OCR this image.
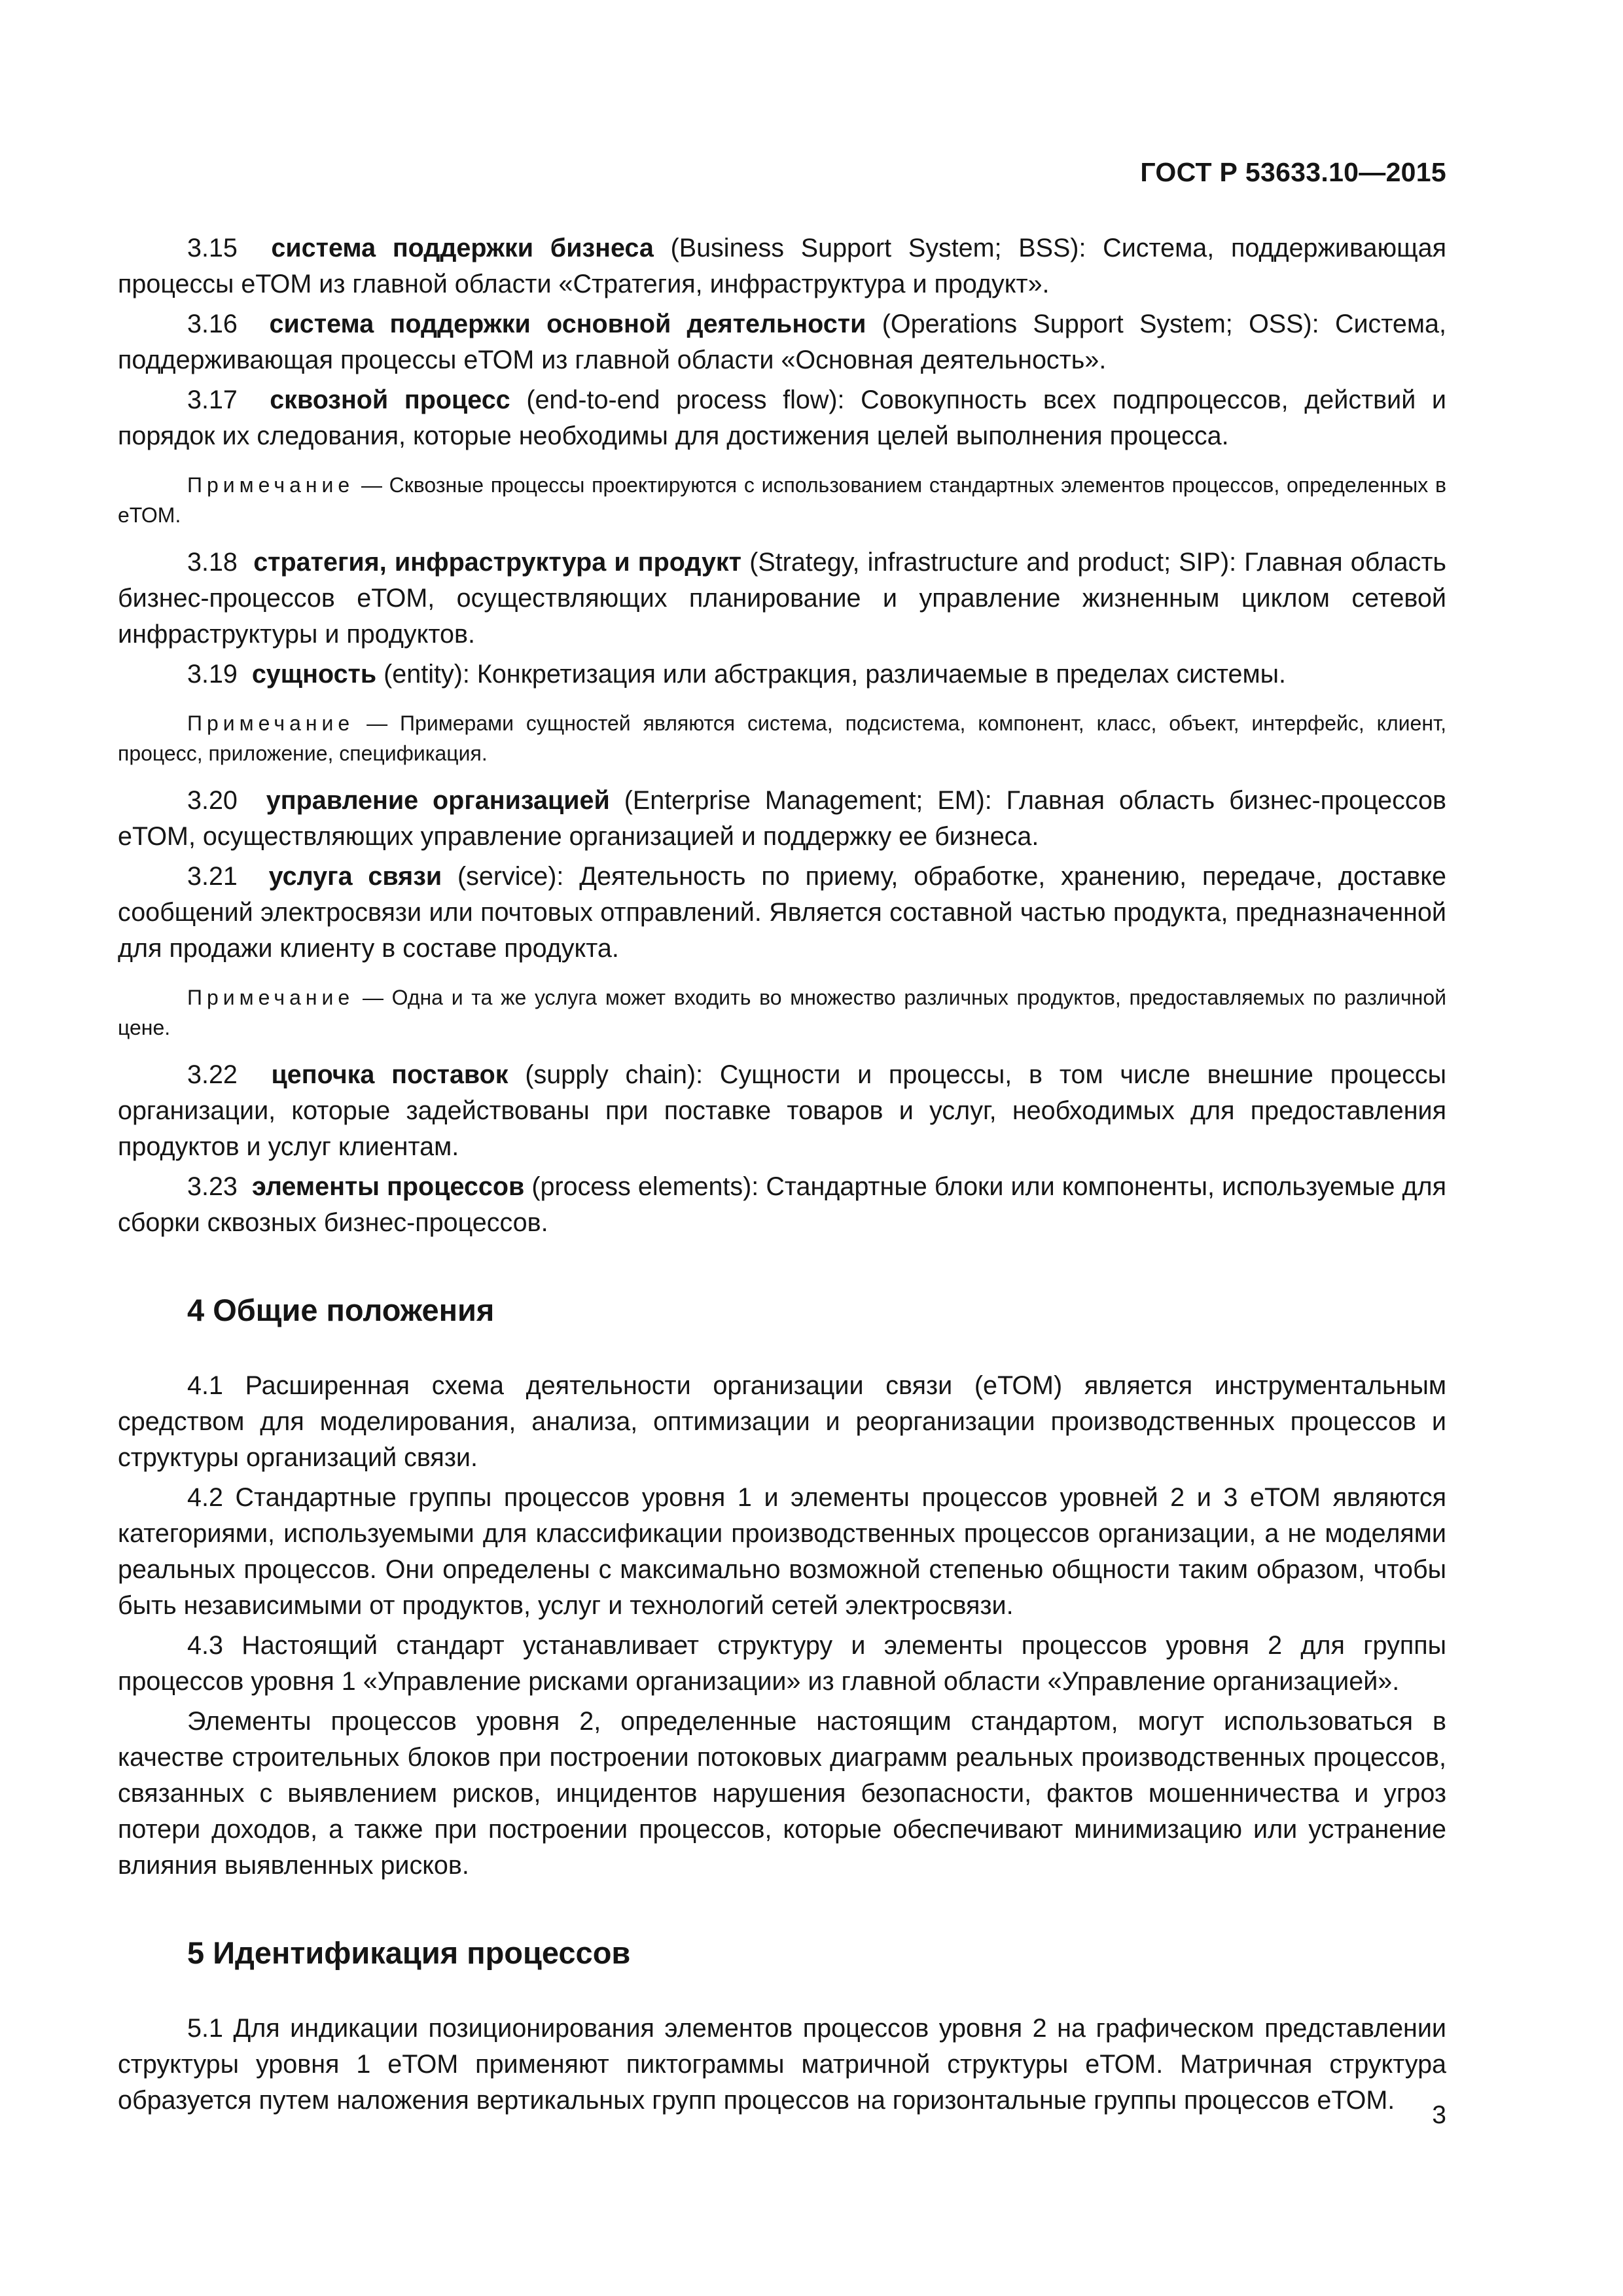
ГОСТ Р 53633.10—2015

3.15 система поддержки бизнеса (Business Support System; BSS): Система, поддерживающая процессы еТОМ из главной области «Стратегия, инфраструктура и продукт».

3.16 система поддержки основной деятельности (Operations Support System; OSS): Система, поддерживающая процессы еТОМ из главной области «Основная деятельность».

3.17 сквозной процесс (end-to-end process flow): Совокупность всех подпроцессов, действий и порядок их следования, которые необходимы для достижения целей выполнения процесса.

Примечание — Сквозные процессы проектируются с использованием стандартных элементов процессов, определенных в еТОМ.

3.18 стратегия, инфраструктура и продукт (Strategy, infrastructure and product; SIP): Главная область бизнес-процессов еТОМ, осуществляющих планирование и управление жизненным циклом сетевой инфраструктуры и продуктов.

3.19 сущность (entity): Конкретизация или абстракция, различаемые в пределах системы.

Примечание — Примерами сущностей являются система, подсистема, компонент, класс, объект, интерфейс, клиент, процесс, приложение, спецификация.

3.20 управление организацией (Enterprise Management; EM): Главная область бизнес-процессов еТОМ, осуществляющих управление организацией и поддержку ее бизнеса.

3.21 услуга связи (service): Деятельность по приему, обработке, хранению, передаче, доставке сообщений электросвязи или почтовых отправлений. Является составной частью продукта, предназначенной для продажи клиенту в составе продукта.

Примечание — Одна и та же услуга может входить во множество различных продуктов, предоставляемых по различной цене.

3.22 цепочка поставок (supply chain): Сущности и процессы, в том числе внешние процессы организации, которые задействованы при поставке товаров и услуг, необходимых для предоставления продуктов и услуг клиентам.

3.23 элементы процессов (process elements): Стандартные блоки или компоненты, используемые для сборки сквозных бизнес-процессов.

4 Общие положения

4.1 Расширенная схема деятельности организации связи (еТОМ) является инструментальным средством для моделирования, анализа, оптимизации и реорганизации производственных процессов и структуры организаций связи.

4.2 Стандартные группы процессов уровня 1 и элементы процессов уровней 2 и 3 еТОМ являются категориями, используемыми для классификации производственных процессов организации, а не моделями реальных процессов. Они определены с максимально возможной степенью общности таким образом, чтобы быть независимыми от продуктов, услуг и технологий сетей электросвязи.

4.3 Настоящий стандарт устанавливает структуру и элементы процессов уровня 2 для группы процессов уровня 1 «Управление рисками организации» из главной области «Управление организацией».

Элементы процессов уровня 2, определенные настоящим стандартом, могут использоваться в качестве строительных блоков при построении потоковых диаграмм реальных производственных процессов, связанных с выявлением рисков, инцидентов нарушения безопасности, фактов мошенничества и угроз потери доходов, а также при построении процессов, которые обеспечивают минимизацию или устранение влияния выявленных рисков.

5 Идентификация процессов

5.1 Для индикации позиционирования элементов процессов уровня 2 на графическом представлении структуры уровня 1 еТОМ применяют пиктограммы матричной структуры еТОМ. Матричная структура образуется путем наложения вертикальных групп процессов на горизонтальные группы процессов еТОМ.

3
